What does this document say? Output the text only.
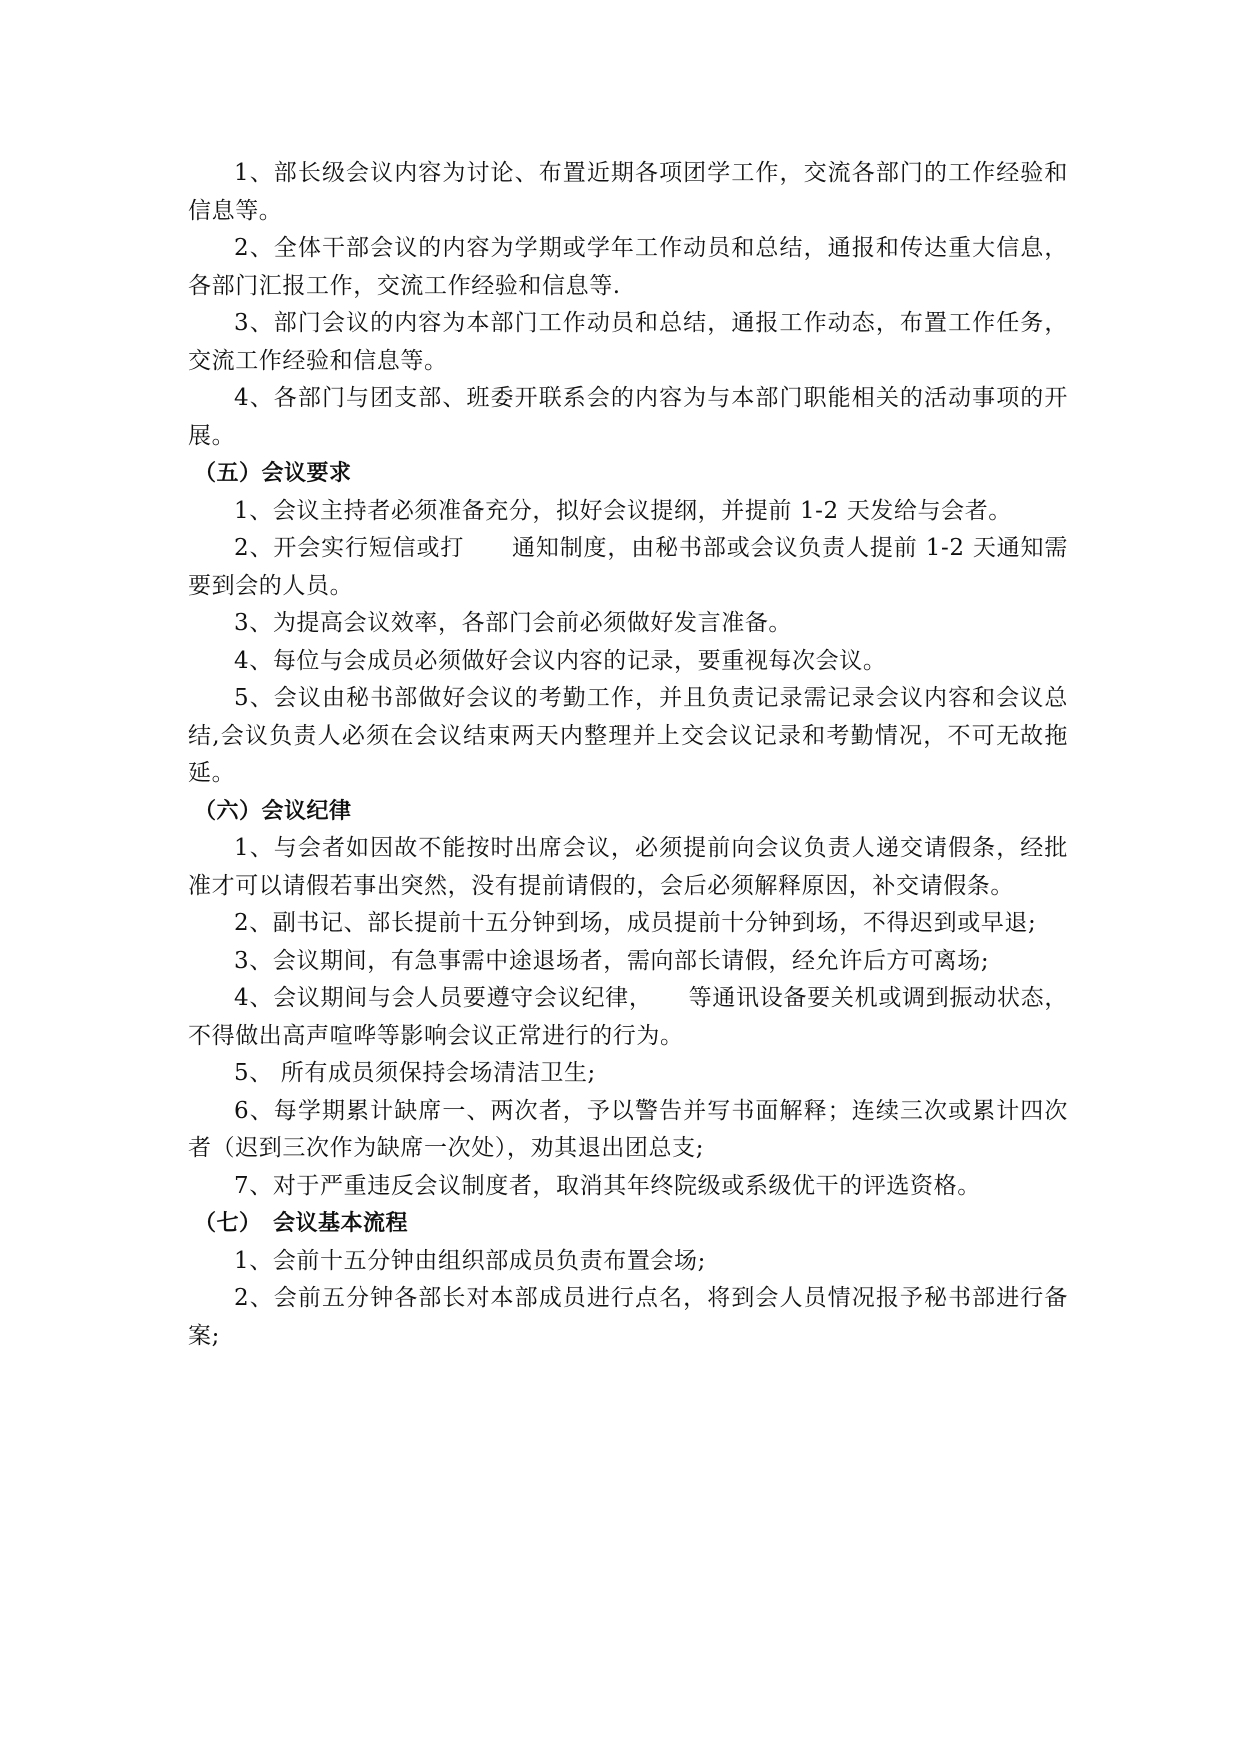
1、部长级会议内容为讨论、布置近期各项团学工作，交流各部门的工作经验和信息等。

2、全体干部会议的内容为学期或学年工作动员和总结，通报和传达重大信息，各部门汇报工作，交流工作经验和信息等.

3、部门会议的内容为本部门工作动员和总结，通报工作动态，布置工作任务，交流工作经验和信息等。

4、各部门与团支部、班委开联系会的内容为与本部门职能相关的活动事项的开展。

（五）会议要求

1、会议主持者必须准备充分，拟好会议提纲，并提前 1-2 天发给与会者。

2、开会实行短信或打　　通知制度，由秘书部或会议负责人提前 1-2 天通知需要到会的人员。

3、为提高会议效率，各部门会前必须做好发言准备。

4、每位与会成员必须做好会议内容的记录，要重视每次会议。

5、会议由秘书部做好会议的考勤工作，并且负责记录需记录会议内容和会议总结,会议负责人必须在会议结束两天内整理并上交会议记录和考勤情况，不可无故拖延。

（六）会议纪律

1、与会者如因故不能按时出席会议，必须提前向会议负责人递交请假条，经批准才可以请假若事出突然，没有提前请假的，会后必须解释原因，补交请假条。

2、副书记、部长提前十五分钟到场，成员提前十分钟到场，不得迟到或早退;

3、会议期间，有急事需中途退场者，需向部长请假，经允许后方可离场;

4、会议期间与会人员要遵守会议纪律，　　等通讯设备要关机或调到振动状态，不得做出高声喧哗等影响会议正常进行的行为。

5、 所有成员须保持会场清洁卫生;

6、每学期累计缺席一、两次者，予以警告并写书面解释；连续三次或累计四次者（迟到三次作为缺席一次处），劝其退出团总支;

7、对于严重违反会议制度者，取消其年终院级或系级优干的评选资格。

（七）　会议基本流程

1、会前十五分钟由组织部成员负责布置会场;

2、会前五分钟各部长对本部成员进行点名，将到会人员情况报予秘书部进行备案;
